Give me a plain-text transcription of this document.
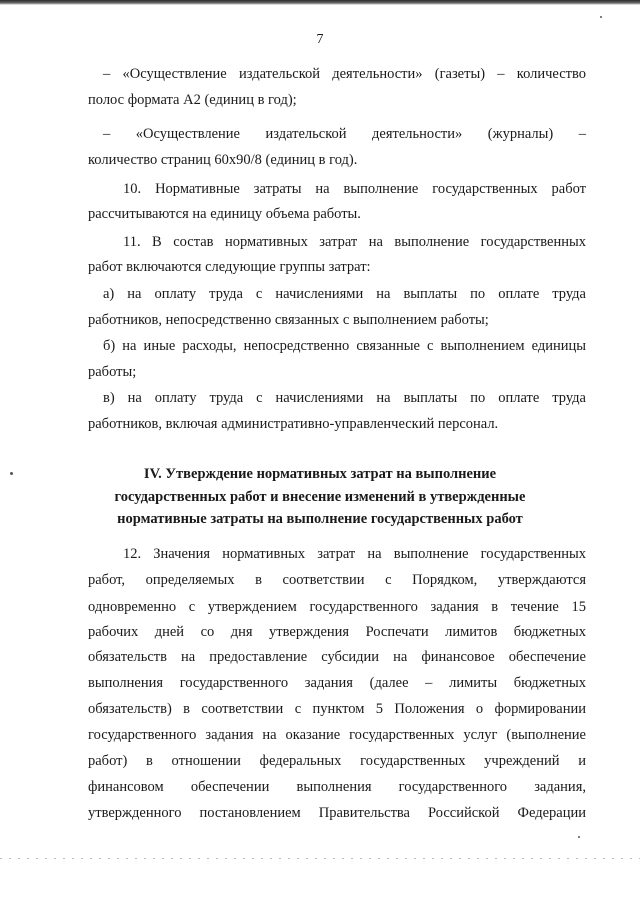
7
– «Осуществление издательской деятельности» (газеты) – количество
полос формата А2 (единиц в год);
– «Осуществление издательской деятельности» (журналы) –
количество страниц 60х90/8 (единиц в год).
10. Нормативные затраты на выполнение государственных работ
рассчитываются на единицу объема работы.
11. В состав нормативных затрат на выполнение государственных
работ включаются следующие группы затрат:
а) на оплату труда с начислениями на выплаты по оплате труда
работников, непосредственно связанных с выполнением работы;
б) на иные расходы, непосредственно связанные с выполнением единицы
работы;
в) на оплату труда с начислениями на выплаты по оплате труда
работников, включая административно-управленческий персонал.
IV. Утверждение нормативных затрат на выполнение
государственных работ и внесение изменений в утвержденные
нормативные затраты на выполнение государственных работ
12. Значения нормативных затрат на выполнение государственных
работ, определяемых в соответствии с Порядком, утверждаются
одновременно с утверждением государственного задания в течение 15
рабочих дней со дня утверждения Роспечати лимитов бюджетных
обязательств на предоставление субсидии на финансовое обеспечение
выполнения государственного задания (далее – лимиты бюджетных
обязательств) в соответствии с пунктом 5 Положения о формировании
государственного задания на оказание государственных услуг (выполнение
работ) в отношении федеральных государственных учреждений и
финансовом обеспечении выполнения государственного задания,
утвержденного постановлением Правительства Российской Федерации
